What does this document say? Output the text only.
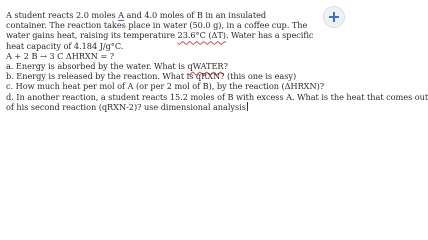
A student reacts 2.0 moles A and 4.0 moles of B in an insulated

container. The reaction takes place in water (50.0 g), in a coffee cup. The

water gains heat, raising its temperature 23.6°C (ΔT). Water has a specific

heat capacity of 4.184 J/g°C.

A + 2 B → 3 C ΔHRXN = ?

a. Energy is absorbed by the water. What is qWATER?

b. Energy is released by the reaction. What is qRXN? (this one is easy)

c. How much heat per mol of A (or per 2 mol of B), by the reaction (ΔHRXN)?

d. In another reaction, a student reacts 15.2 moles of B with excess A. What is the heat that comes out

of his second reaction (qRXN-2)? use dimensional analysis
